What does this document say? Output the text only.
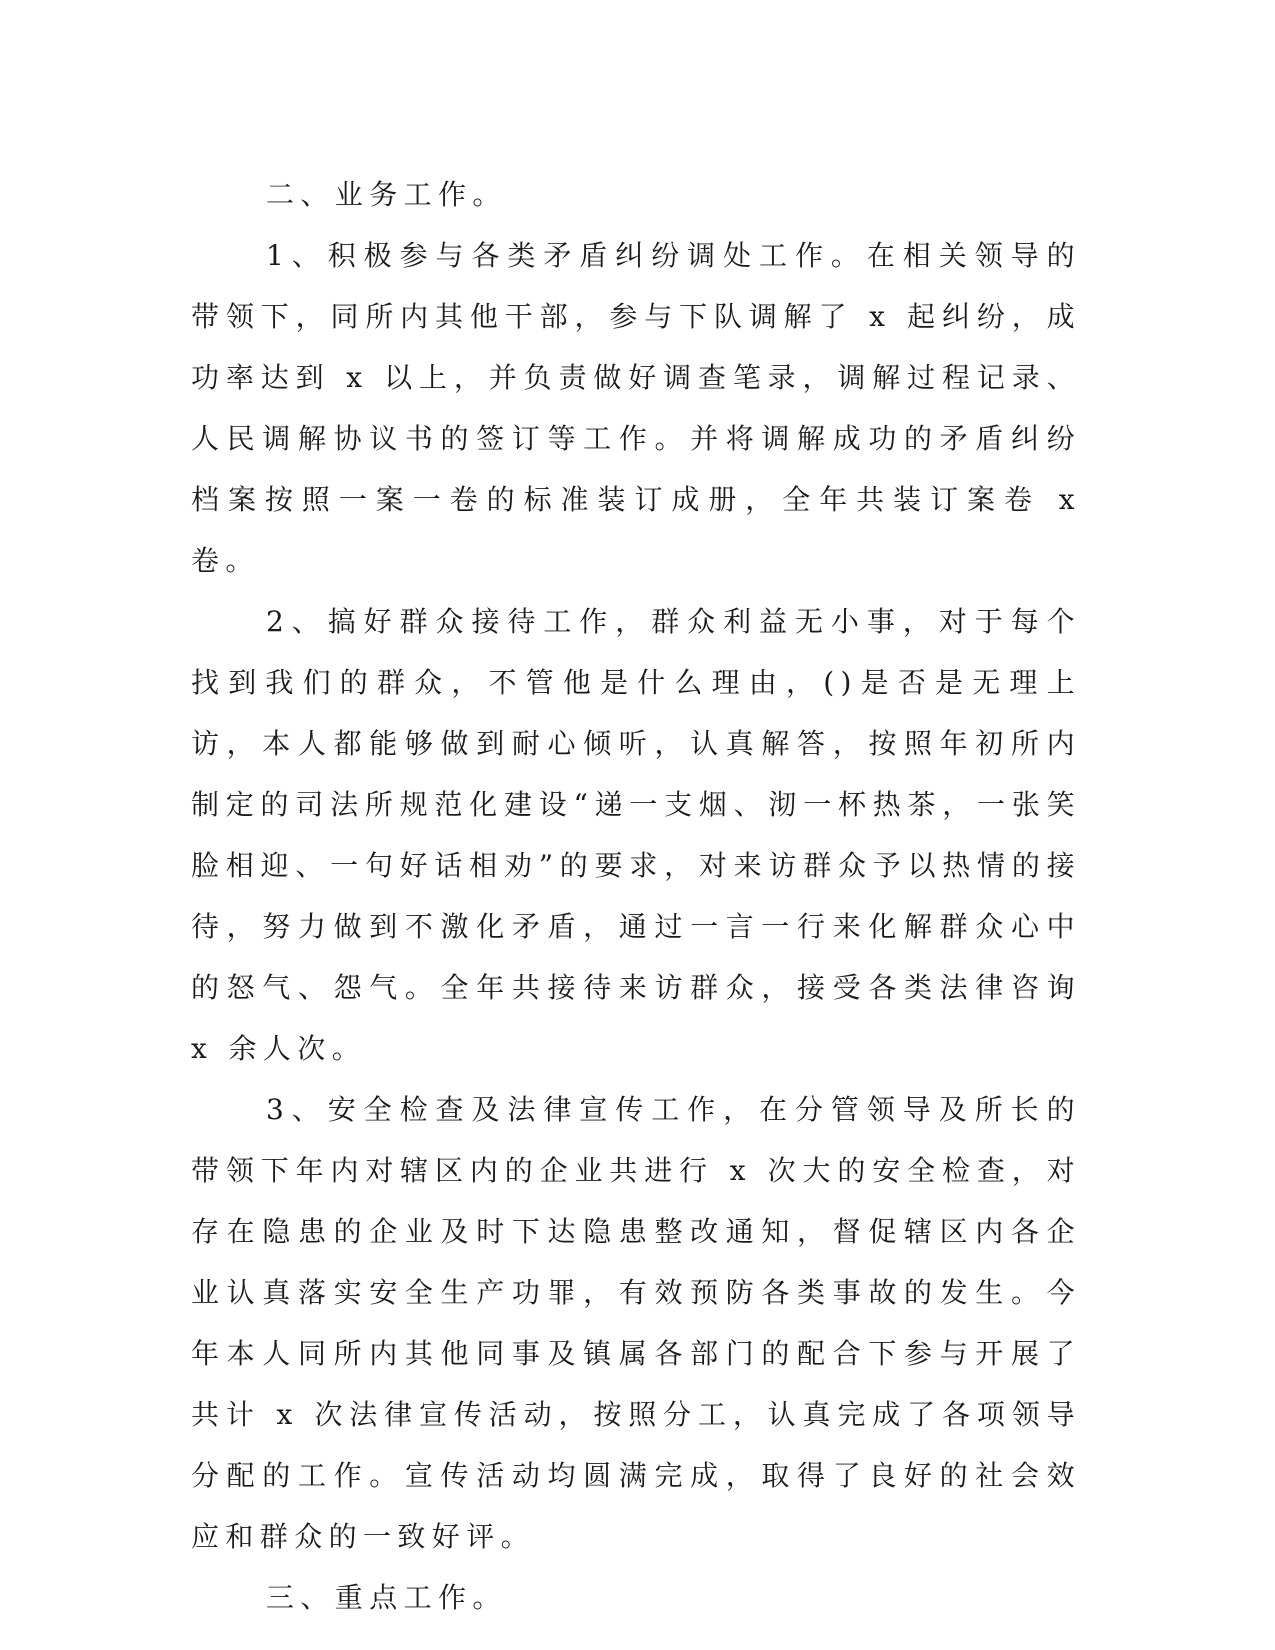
二、业务工作。

1、积极参与各类矛盾纠纷调处工作。在相关领导的带领下，同所内其他干部，参与下队调解了 x 起纠纷，成功率达到 x 以上，并负责做好调查笔录，调解过程记录、人民调解协议书的签订等工作。并将调解成功的矛盾纠纷档案按照一案一卷的标准装订成册，全年共装订案卷 x 卷。

2、搞好群众接待工作，群众利益无小事，对于每个找到我们的群众，不管他是什么理由，()是否是无理上访，本人都能够做到耐心倾听，认真解答，按照年初所内制定的司法所规范化建设“递一支烟、沏一杯热茶，一张笑脸相迎、一句好话相劝”的要求，对来访群众予以热情的接待，努力做到不激化矛盾，通过一言一行来化解群众心中的怒气、怨气。全年共接待来访群众，接受各类法律咨询 x 余人次。

3、安全检查及法律宣传工作，在分管领导及所长的带领下年内对辖区内的企业共进行 x 次大的安全检查，对存在隐患的企业及时下达隐患整改通知，督促辖区内各企业认真落实安全生产功罪，有效预防各类事故的发生。今年本人同所内其他同事及镇属各部门的配合下参与开展了共计 x 次法律宣传活动，按照分工，认真完成了各项领导分配的工作。宣传活动均圆满完成，取得了良好的社会效应和群众的一致好评。

三、重点工作。
